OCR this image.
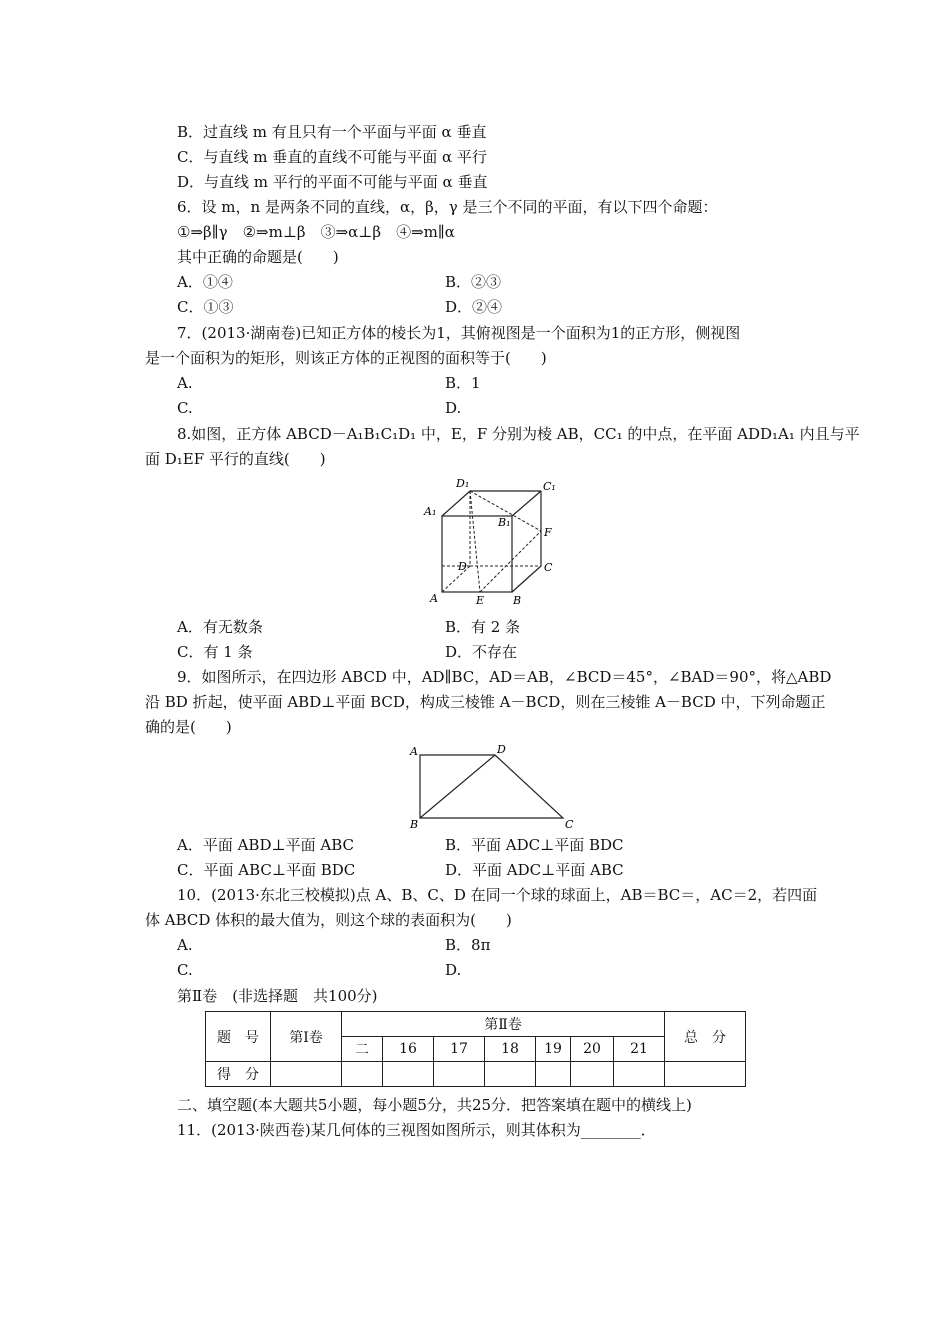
B．过直线 m 有且只有一个平面与平面 α 垂直
C．与直线 m 垂直的直线不可能与平面 α 平行
D．与直线 m 平行的平面不可能与平面 α 垂直
6．设 m，n 是两条不同的直线，α，β，γ 是三个不同的平面，有以下四个命题：
①⇒β∥γ　②⇒m⊥β　③⇒α⊥β　④⇒m∥α
其中正确的命题是(　　)
A．①④	B．②③
C．①③	D．②④
7．(2013·湖南卷)已知正方体的棱长为1，其俯视图是一个面积为1的正方形，侧视图
是一个面积为的矩形，则该正方体的正视图的面积等于(　　)
A.	B．1
C.	D.
8.如图，正方体 ABCD－A₁B₁C₁D₁ 中，E，F 分别为棱 AB，CC₁ 的中点，在平面 ADD₁A₁ 内且与平
面 D₁EF 平行的直线(　　)
D₁	C₁
A₁
B₁
F
D	C
A	E	B
A．有无数条	B．有 2 条
C．有 1 条	D．不存在
9．如图所示，在四边形 ABCD 中，AD∥BC，AD＝AB，∠BCD＝45°，∠BAD＝90°，将△ABD
沿 BD 折起，使平面 ABD⊥平面 BCD，构成三棱锥 A－BCD，则在三棱锥 A－BCD 中，下列命题正
确的是(　　)
A	D
B	C
A．平面 ABD⊥平面 ABC	B．平面 ADC⊥平面 BDC
C．平面 ABC⊥平面 BDC	D．平面 ADC⊥平面 ABC
10．(2013·东北三校模拟)点 A、B、C、D 在同一个球的球面上，AB＝BC＝，AC＝2，若四面
体 ABCD 体积的最大值为，则这个球的表面积为(　　)
A.	B．8π
C.	D.
第Ⅱ卷　(非选择题　共100分)
题　号	第Ⅰ卷	第Ⅱ卷							总　分
		二	16	17	18	19	20	21	
得　分									
二、填空题(本大题共5小题，每小题5分，共25分．把答案填在题中的横线上)
11．(2013·陕西卷)某几何体的三视图如图所示，则其体积为________．
